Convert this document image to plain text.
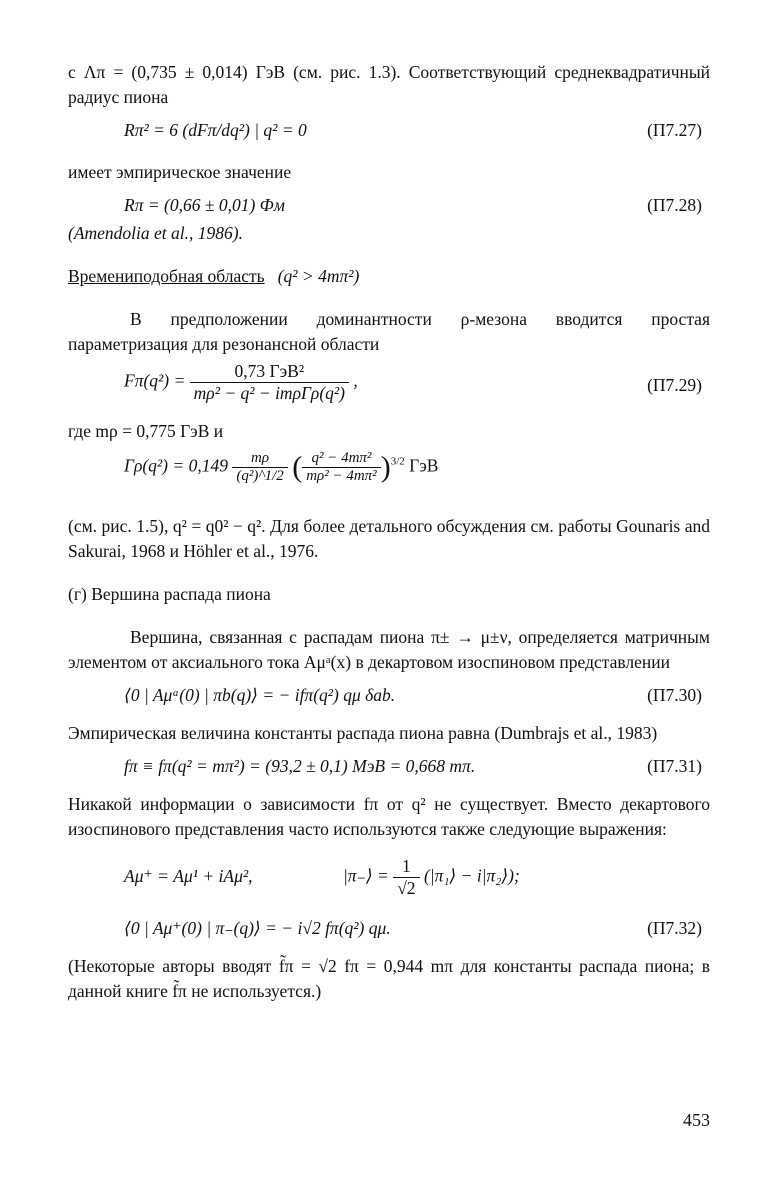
с Λπ = (0,735 ± 0,014) ГэВ (см. рис. 1.3). Соответствующий среднеквадратичный радиус пиона

Rπ² = 6 (dFπ/dq²) | q² = 0	(П7.27)

имеет эмпирическое значение

Rπ = (0,66 ± 0,01) Фм	(П7.28)

(Amendolia et al., 1986).

Времениподобная область (q² > 4mπ²)

В предположении доминантности ρ-мезона вводится простая параметризация для резонансной области

$F\pi(q^2) = \frac{\text{0,73 ГэВ²}}{\text{mρ² − q² − imρΓρ(q²)}}$ ,	(П7.29)

где mρ = 0,775 ГэВ и

$\Gamma\rho(q^2) = 0,149 \frac{m\rho}{\text{(q²)\textasciicircum{}1/2}}$ ( $\frac{\text{q² − 4mπ²}}{\text{mρ² − 4mπ²}} )^{3/2}$ ГэВ

(см. рис. 1.5), q² = q0² − q². Для более детального обсуждения см. работы Gounaris and Sakurai, 1968 и Höhler et al., 1976.

(г) Вершина распада пиона

Вершина, связанная с распадам пиона π± → μ±ν, определяется матричным элементом от аксиального тока Aμᵃ(x) в декартовом изоспиновом представлении

⟨0 | Aμᵃ(0) | πb(q)⟩ = − ifπ(q²) qμ δab.	(П7.30)

Эмпирическая величина константы распада пиона равна (Dumbrajs et al., 1983)

fπ ≡ fπ(q² = mπ²) = (93,2 ± 0,1) МэВ = 0,668 mπ.	(П7.31)

Никакой информации о зависимости fπ от q² не существует. Вместо декартового изоспинового представления часто используются также следующие выражения:

Aμ⁺ = Aμ¹ + iAμ²,	|π₋⟩ = $\frac{1}{√2}$ (|π₁⟩ − i|π₂⟩);
⟨0 | Aμ⁺(0) | π₋(q)⟩ = − i√2 fπ(q²) qμ.	(П7.32)

(Некоторые авторы вводят f̃π = √2 fπ = 0,944 mπ для константы распада пиона; в данной книге f̃π не используется.)

453
